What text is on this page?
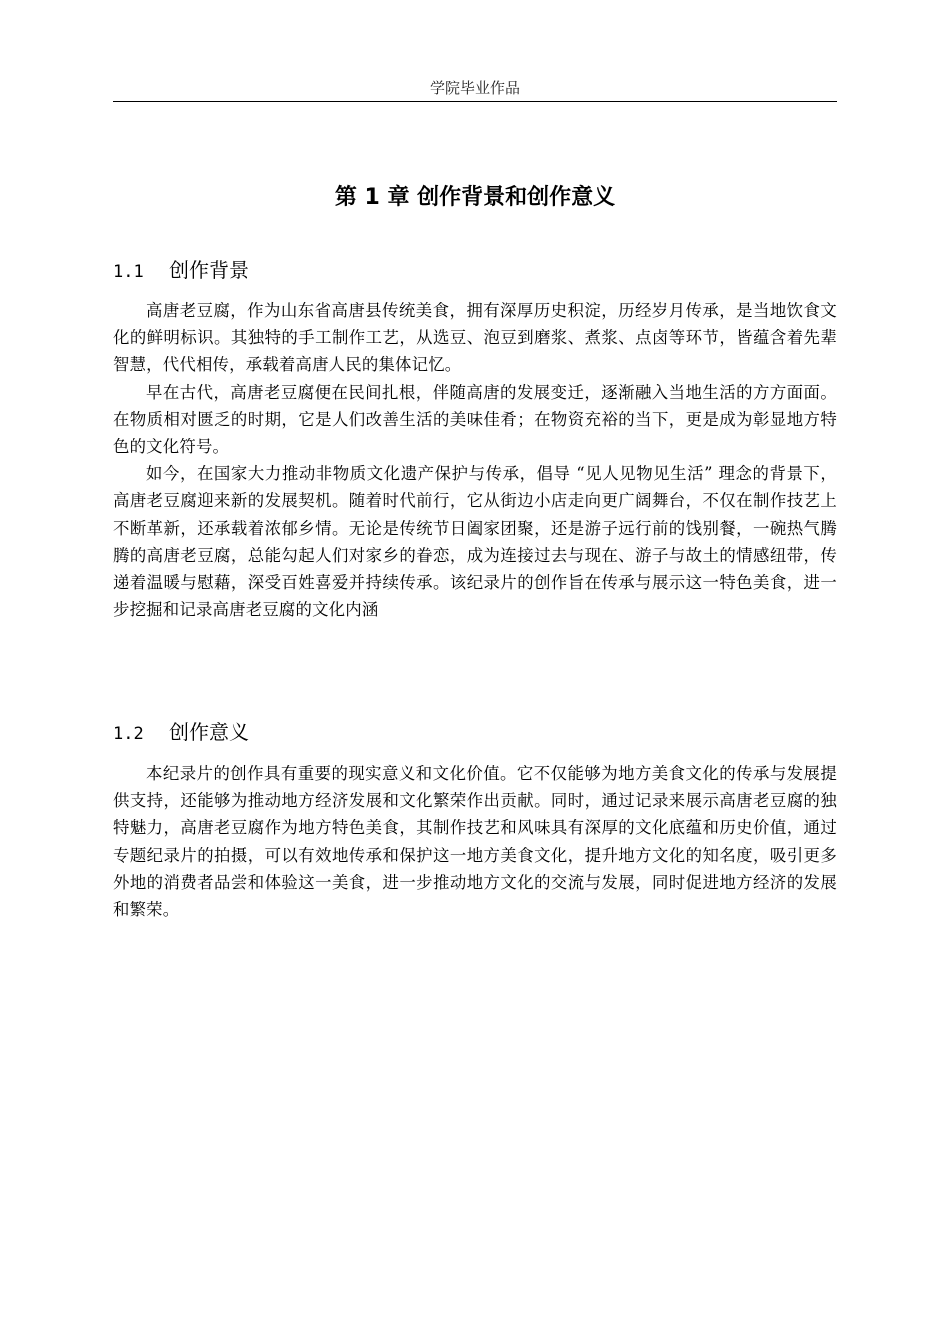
学院毕业作品
第 1 章 创作背景和创作意义
1.1 创作背景

高唐老豆腐，作为山东省高唐县传统美食，拥有深厚历史积淀，历经岁月传承，是当地饮食文化的鲜明标识。其独特的手工制作工艺，从选豆、泡豆到磨浆、煮浆、点卤等环节，皆蕴含着先辈智慧，代代相传，承载着高唐人民的集体记忆。

早在古代，高唐老豆腐便在民间扎根，伴随高唐的发展变迁，逐渐融入当地生活的方方面面。在物质相对匮乏的时期，它是人们改善生活的美味佳肴；在物资充裕的当下，更是成为彰显地方特色的文化符号。

如今，在国家大力推动非物质文化遗产保护与传承，倡导 “见人见物见生活” 理念的背景下，高唐老豆腐迎来新的发展契机。随着时代前行，它从街边小店走向更广阔舞台，不仅在制作技艺上不断革新，还承载着浓郁乡情。无论是传统节日阖家团聚，还是游子远行前的饯别餐，一碗热气腾腾的高唐老豆腐，总能勾起人们对家乡的眷恋，成为连接过去与现在、游子与故土的情感纽带，传递着温暖与慰藉，深受百姓喜爱并持续传承。该纪录片的创作旨在传承与展示这一特色美食，进一步挖掘和记录高唐老豆腐的文化内涵

1.2 创作意义

本纪录片的创作具有重要的现实意义和文化价值。它不仅能够为地方美食文化的传承与发展提供支持，还能够为推动地方经济发展和文化繁荣作出贡献。同时，通过记录来展示高唐老豆腐的独特魅力，高唐老豆腐作为地方特色美食，其制作技艺和风味具有深厚的文化底蕴和历史价值，通过专题纪录片的拍摄，可以有效地传承和保护这一地方美食文化，提升地方文化的知名度，吸引更多外地的消费者品尝和体验这一美食，进一步推动地方文化的交流与发展，同时促进地方经济的发展和繁荣。
